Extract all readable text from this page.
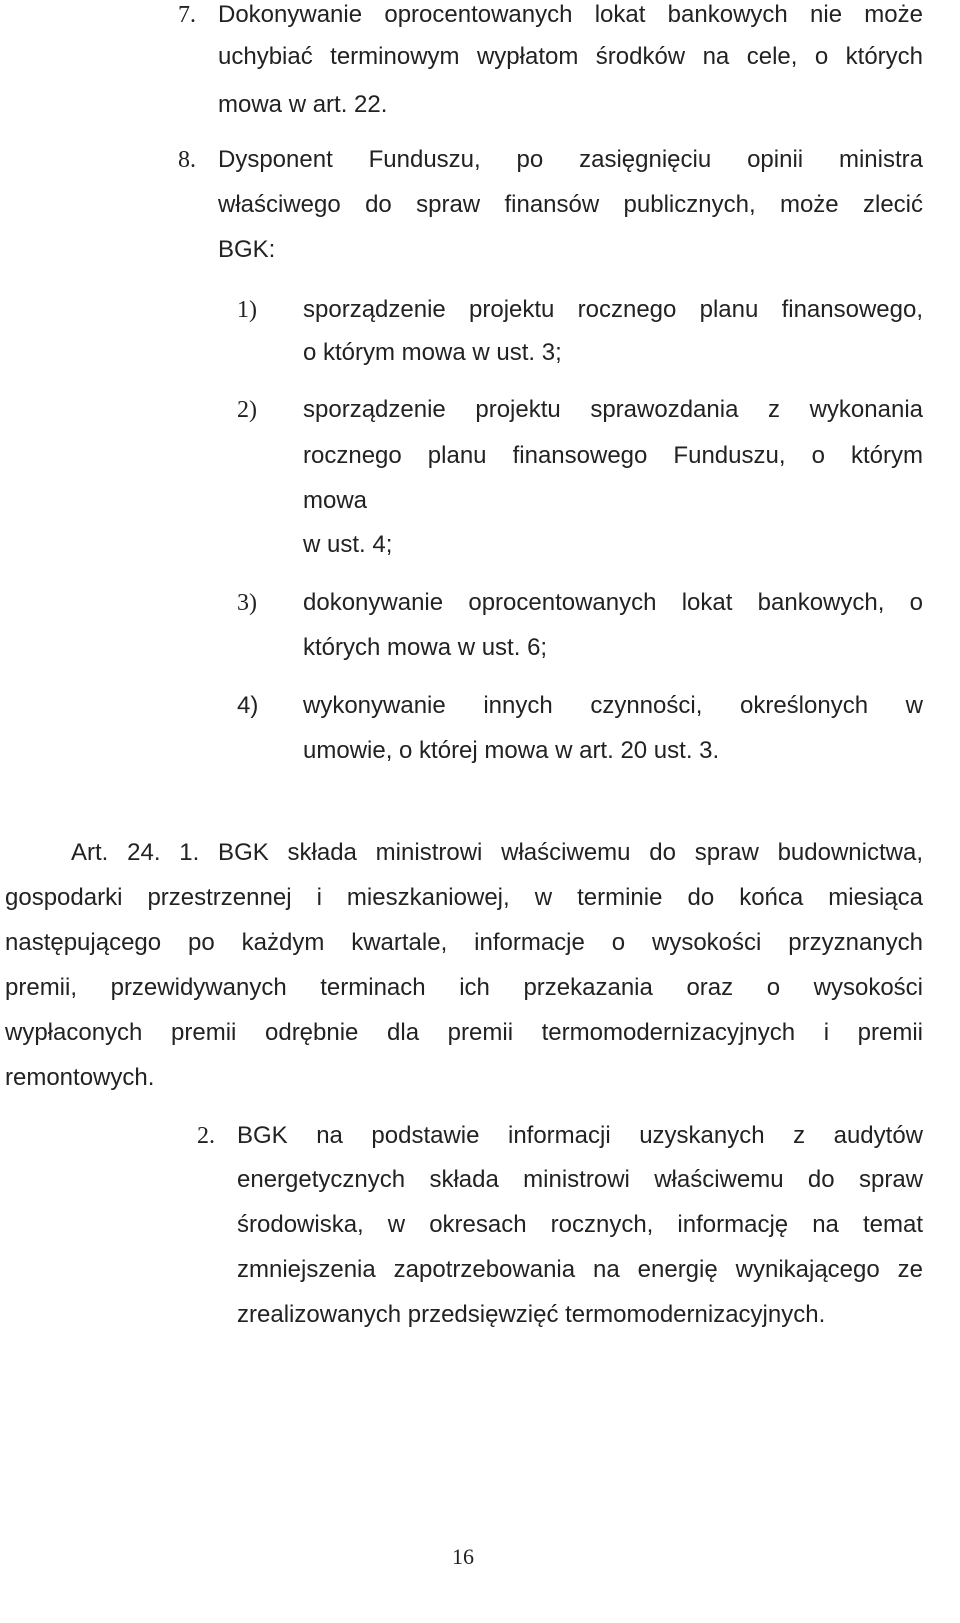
7. Dokonywanie oprocentowanych lokat bankowych nie może

uchybiać terminowym wypłatom środków na cele, o których

mowa w art. 22.

8. Dysponent Funduszu, po zasięgnięciu opinii ministra

właściwego do spraw finansów publicznych, może zlecić

BGK:

1) sporządzenie projektu rocznego planu finansowego,

o którym mowa w ust. 3;

2) sporządzenie projektu sprawozdania z wykonania

rocznego planu finansowego Funduszu, o którym

mowa

w ust. 4;

3) dokonywanie oprocentowanych lokat bankowych, o

których mowa w ust. 6;

4) wykonywanie innych czynności, określonych w

umowie, o której mowa w art. 20 ust. 3.

Art. 24. 1. BGK składa ministrowi właściwemu do spraw budownictwa,

gospodarki przestrzennej i mieszkaniowej, w terminie do końca miesiąca

następującego po każdym kwartale, informacje o wysokości przyznanych

premii, przewidywanych terminach ich przekazania oraz o wysokości

wypłaconych premii odrębnie dla premii termomodernizacyjnych i premii

remontowych.

2. BGK na podstawie informacji uzyskanych z audytów

energetycznych składa ministrowi właściwemu do spraw

środowiska, w okresach rocznych, informację na temat

zmniejszenia zapotrzebowania na energię wynikającego ze

zrealizowanych przedsięwzięć termomodernizacyjnych.

16
